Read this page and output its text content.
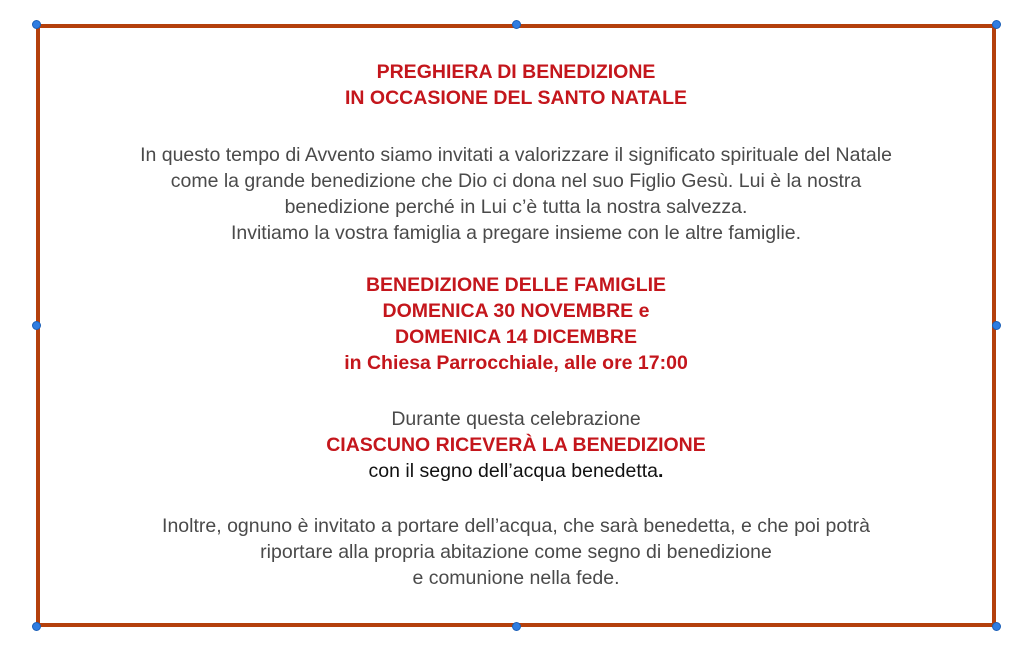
PREGHIERA DI BENEDIZIONE
IN OCCASIONE DEL SANTO NATALE
In questo tempo di Avvento siamo invitati a valorizzare il significato spirituale del Natale
come la grande benedizione che Dio ci dona nel suo Figlio Gesù. Lui è la nostra
benedizione perché in Lui c’è tutta la nostra salvezza.
Invitiamo la vostra famiglia a pregare insieme con le altre famiglie.
BENEDIZIONE DELLE FAMIGLIE
DOMENICA 30 NOVEMBRE e
DOMENICA 14 DICEMBRE
in Chiesa Parrocchiale, alle ore 17:00
Durante questa celebrazione
CIASCUNO RICEVERÀ LA BENEDIZIONE
con il segno dell’acqua benedetta.
Inoltre, ognuno è invitato a portare dell’acqua, che sarà benedetta, e che poi potrà
riportare alla propria abitazione come segno di benedizione
e comunione nella fede.
